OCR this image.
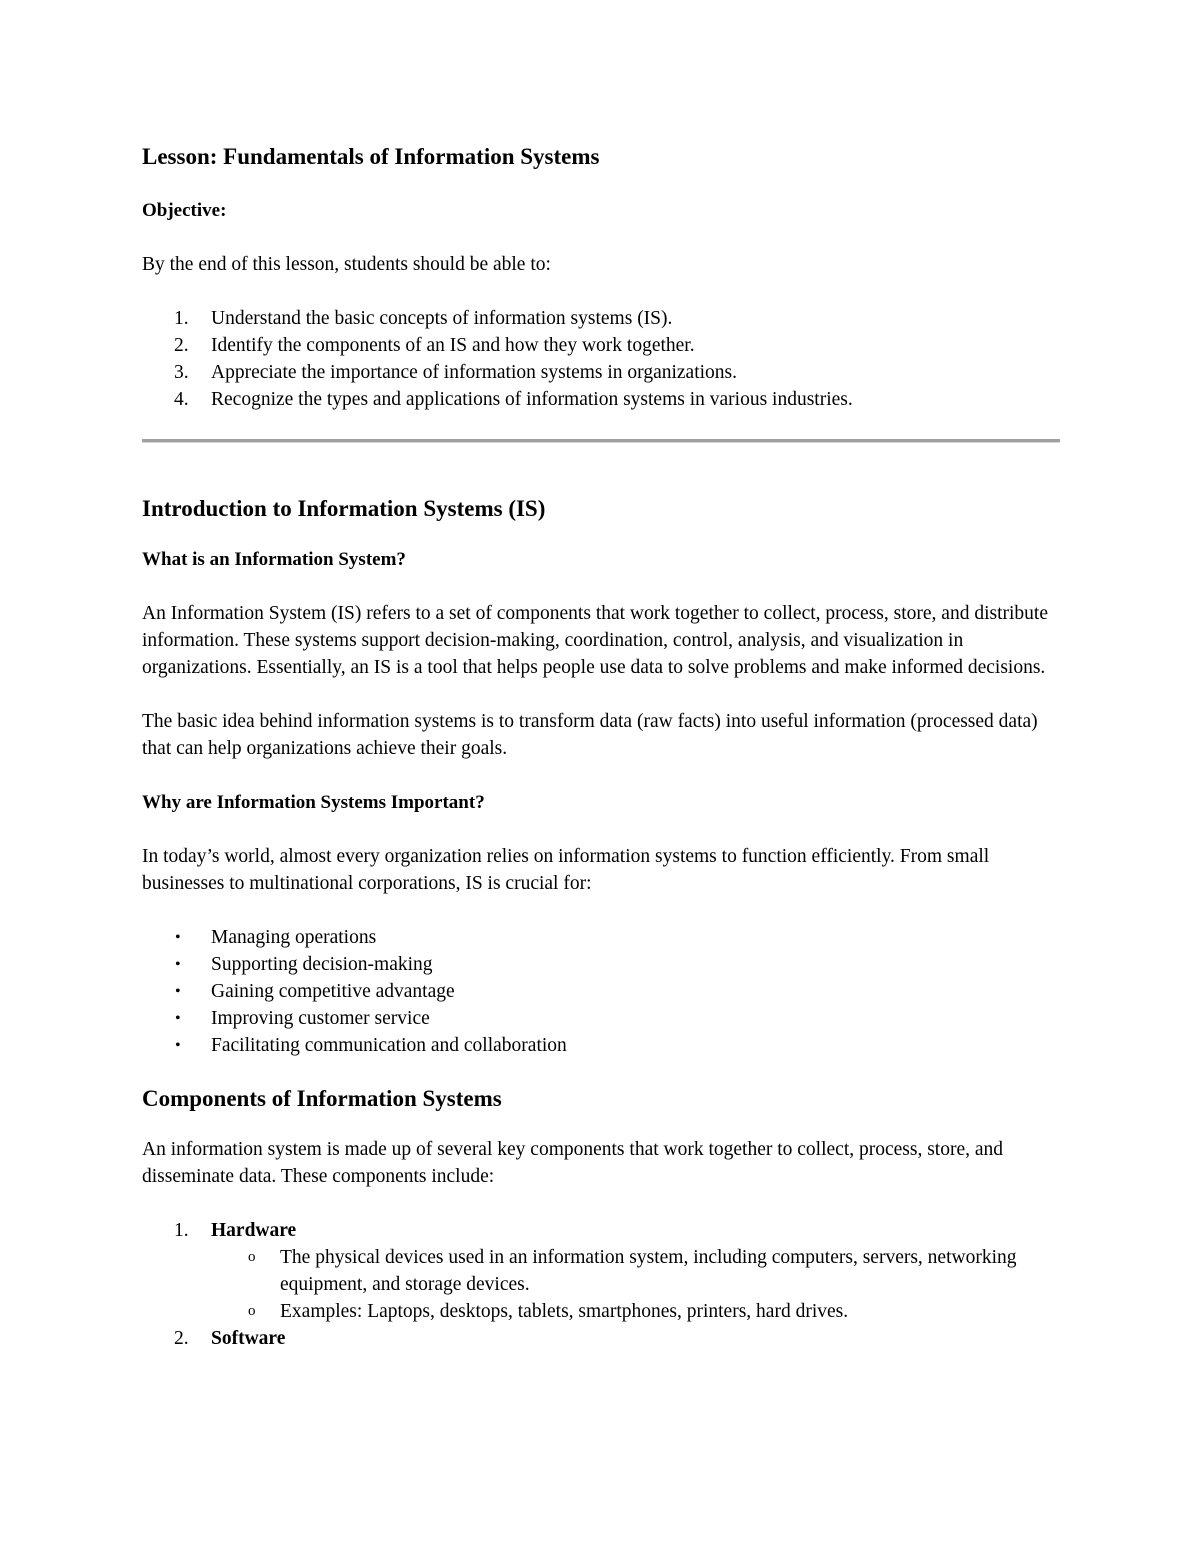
Lesson: Fundamentals of Information Systems
Objective:

By the end of this lesson, students should be able to:

1.	Understand the basic concepts of information systems (IS).
2.	Identify the components of an IS and how they work together.
3.	Appreciate the importance of information systems in organizations.
4.	Recognize the types and applications of information systems in various industries.
Introduction to Information Systems (IS)
What is an Information System?

An Information System (IS) refers to a set of components that work together to collect, process, store, and distribute information. These systems support decision-making, coordination, control, analysis, and visualization in organizations. Essentially, an IS is a tool that helps people use data to solve problems and make informed decisions.

The basic idea behind information systems is to transform data (raw facts) into useful information (processed data) that can help organizations achieve their goals.

Why are Information Systems Important?

In today’s world, almost every organization relies on information systems to function efficiently. From small businesses to multinational corporations, IS is crucial for:

• Managing operations
• Supporting decision-making
• Gaining competitive advantage
• Improving customer service
• Facilitating communication and collaboration
Components of Information Systems

An information system is made up of several key components that work together to collect, process, store, and disseminate data. These components include:

1.	Hardware
o The physical devices used in an information system, including computers, servers, networking equipment, and storage devices.
o Examples: Laptops, desktops, tablets, smartphones, printers, hard drives.
2.	Software
